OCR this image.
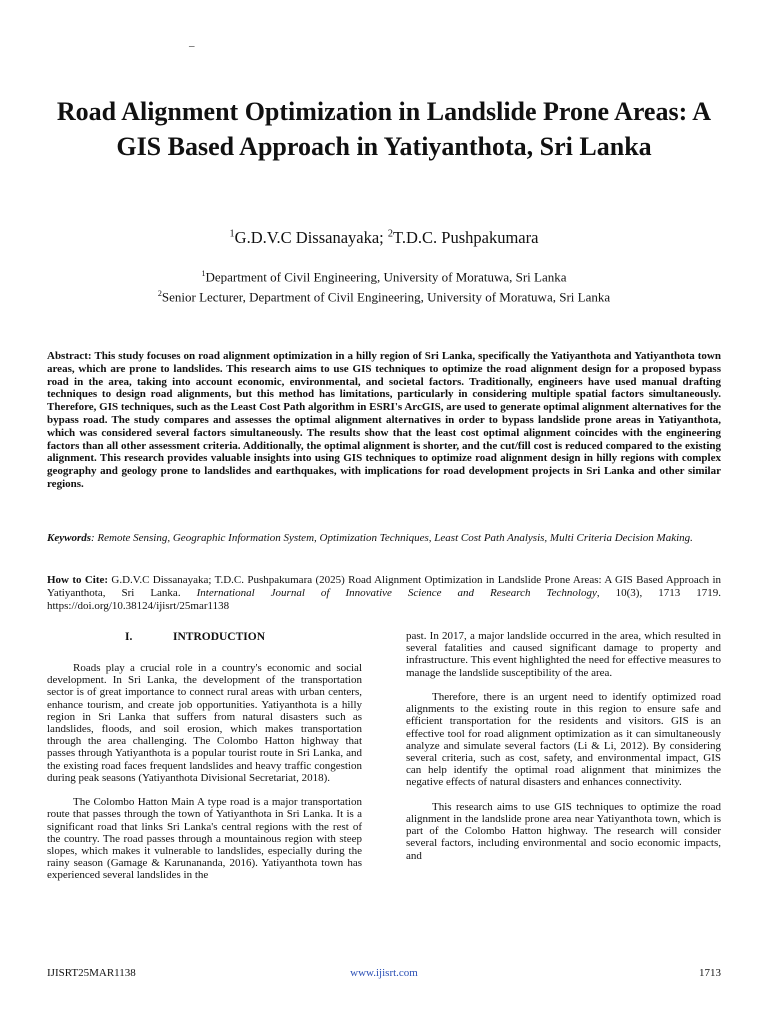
–
Road Alignment Optimization in Landslide Prone Areas: A GIS Based Approach in Yatiyanthota, Sri Lanka
$^1$G.D.V.C Dissanayaka; $^2$T.D.C. Pushpakumara
$^1$Department of Civil Engineering, University of Moratuwa, Sri Lanka
$^2$Senior Lecturer, Department of Civil Engineering, University of Moratuwa, Sri Lanka

Abstract: This study focuses on road alignment optimization in a hilly region of Sri Lanka, specifically the Yatiyanthota and Yatiyanthota town areas, which are prone to landslides. This research aims to use GIS techniques to optimize the road alignment design for a proposed bypass road in the area, taking into account economic, environmental, and societal factors. Traditionally, engineers have used manual drafting techniques to design road alignments, but this method has limitations, particularly in considering multiple spatial factors simultaneously. Therefore, GIS techniques, such as the Least Cost Path algorithm in ESRI's ArcGIS, are used to generate optimal alignment alternatives for the bypass road. The study compares and assesses the optimal alignment alternatives in order to bypass landslide prone areas in Yatiyanthota, which was considered several factors simultaneously. The results show that the least cost optimal alignment coincides with the engineering factors than all other assessment criteria. Additionally, the optimal alignment is shorter, and the cut/fill cost is reduced compared to the existing alignment. This research provides valuable insights into using GIS techniques to optimize road alignment design in hilly regions with complex geography and geology prone to landslides and earthquakes, with implications for road development projects in Sri Lanka and other similar regions.

Keywords: Remote Sensing, Geographic Information System, Optimization Techniques, Least Cost Path Analysis, Multi Criteria Decision Making.

How to Cite: G.D.V.C Dissanayaka; T.D.C. Pushpakumara (2025) Road Alignment Optimization in Landslide Prone Areas: A GIS Based Approach in Yatiyanthota, Sri Lanka. International Journal of Innovative Science and Research Technology, 10(3), 1713 1719. https://doi.org/10.38124/ijisrt/25mar1138

I.	INTRODUCTION

Roads play a crucial role in a country's economic and social development. In Sri Lanka, the development of the transportation sector is of great importance to connect rural areas with urban centers, enhance tourism, and create job opportunities. Yatiyanthota is a hilly region in Sri Lanka that suffers from natural disasters such as landslides, floods, and soil erosion, which makes transportation through the area challenging. The Colombo Hatton highway that passes through Yatiyanthota is a popular tourist route in Sri Lanka, and the existing road faces frequent landslides and heavy traffic congestion during peak seasons (Yatiyanthota Divisional Secretariat, 2018).

The Colombo Hatton Main A type road is a major transportation route that passes through the town of Yatiyanthota in Sri Lanka. It is a significant road that links Sri Lanka's central regions with the rest of the country. The road passes through a mountainous region with steep slopes, which makes it vulnerable to landslides, especially during the rainy season (Gamage & Karunananda, 2016). Yatiyanthota town has experienced several landslides in the

past. In 2017, a major landslide occurred in the area, which resulted in several fatalities and caused significant damage to property and infrastructure. This event highlighted the need for effective measures to manage the landslide susceptibility of the area.

Therefore, there is an urgent need to identify optimized road alignments to the existing route in this region to ensure safe and efficient transportation for the residents and visitors. GIS is an effective tool for road alignment optimization as it can simultaneously analyze and simulate several factors (Li & Li, 2012). By considering several criteria, such as cost, safety, and environmental impact, GIS can help identify the optimal road alignment that minimizes the negative effects of natural disasters and enhances connectivity.

This research aims to use GIS techniques to optimize the road alignment in the landslide prone area near Yatiyanthota town, which is part of the Colombo Hatton highway. The research will consider several factors, including environmental and socio economic impacts, and

IJISRT25MAR1138	www.ijisrt.com	1713
